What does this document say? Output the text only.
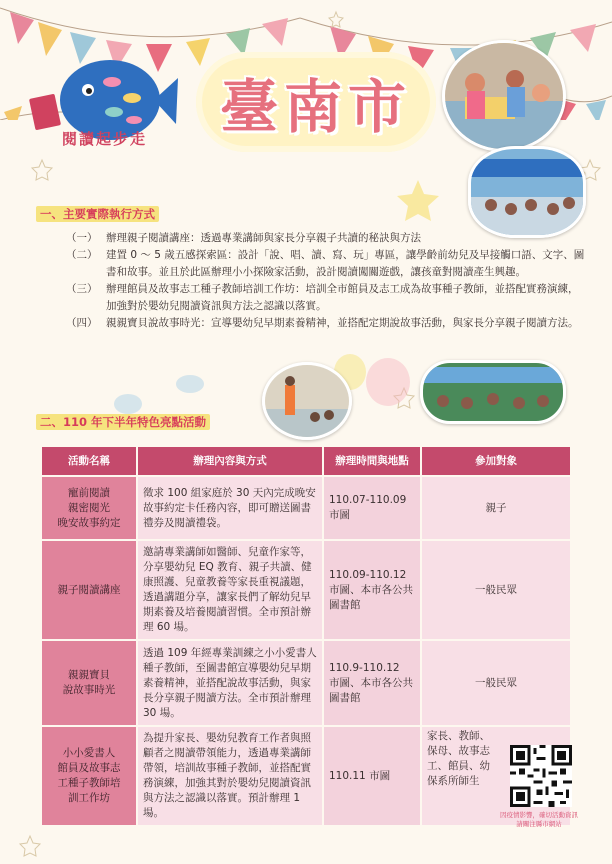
閱讀起步走	臺南市
一、主要實際執行方式
（一） 辦理親子閱讀講座：透過專業講師與家長分享親子共讀的秘訣與方法
（二） 建置 0 ～ 5 歲五感探索區：設計「說、唱、讀、寫、玩」專區，讓學齡前幼兒及早接觸口語、文字、圖書和故事。並且於此區辦理小小探險家活動，設計閱讀闖關遊戲，讓孩童對閱讀產生興趣。
（三） 辦理館員及故事志工種子教師培訓工作坊：培訓全市館員及志工成為故事種子教師，並搭配實務演練，加強對於嬰幼兒閱讀資訊與方法之認識以落實。
（四） 親親寶貝說故事時光：宣導嬰幼兒早期素養精神，並搭配定期說故事活動，與家長分享親子閱讀方法。
二、110 年下半年特色亮點活動
活動名稱	辦理內容與方式	辦理時間與地點	參加對象
寵前閱讀
親密閱光
晚安故事約定	徵求 100 組家庭於 30 天內完成晚安故事約定卡任務內容，即可贈送圖書禮券及閱讀禮袋。	110.07-110.09
市圖	親子
親子閱讀講座	邀請專業講師如醫師、兒童作家等，分享嬰幼兒 EQ 教育、親子共讀、健康照護、兒童教養等家長重視議題，透過講題分享，讓家長們了解幼兒早期素養及培養閱讀習慣。全市預計辦理 60 場。	110.09-110.12
市圖、本市各公共圖書館	一般民眾
親親寶貝
說故事時光	透過 109 年經專業訓練之小小愛書人種子教師，至圖書館宣導嬰幼兒早期素養精神，並搭配說故事活動，與家長分享親子閱讀方法。全市預計辦理 30 場。	110.9-110.12
市圖、本市各公共圖書館	一般民眾
小小愛書人
館員及故事志
工種子教師培
訓工作坊	為提升家長、嬰幼兒教育工作者與照顧者之閱讀帶領能力，透過專業講師帶領，培訓故事種子教師，並搭配實務演練，加強其對於嬰幼兒閱讀資訊與方法之認識以落實。預計辦理 1 場。	110.11 市圖	家長、教師、保母、故事志工、館員、幼保系所師生
因疫情影響，確切活動資訊請關注縣市網站
